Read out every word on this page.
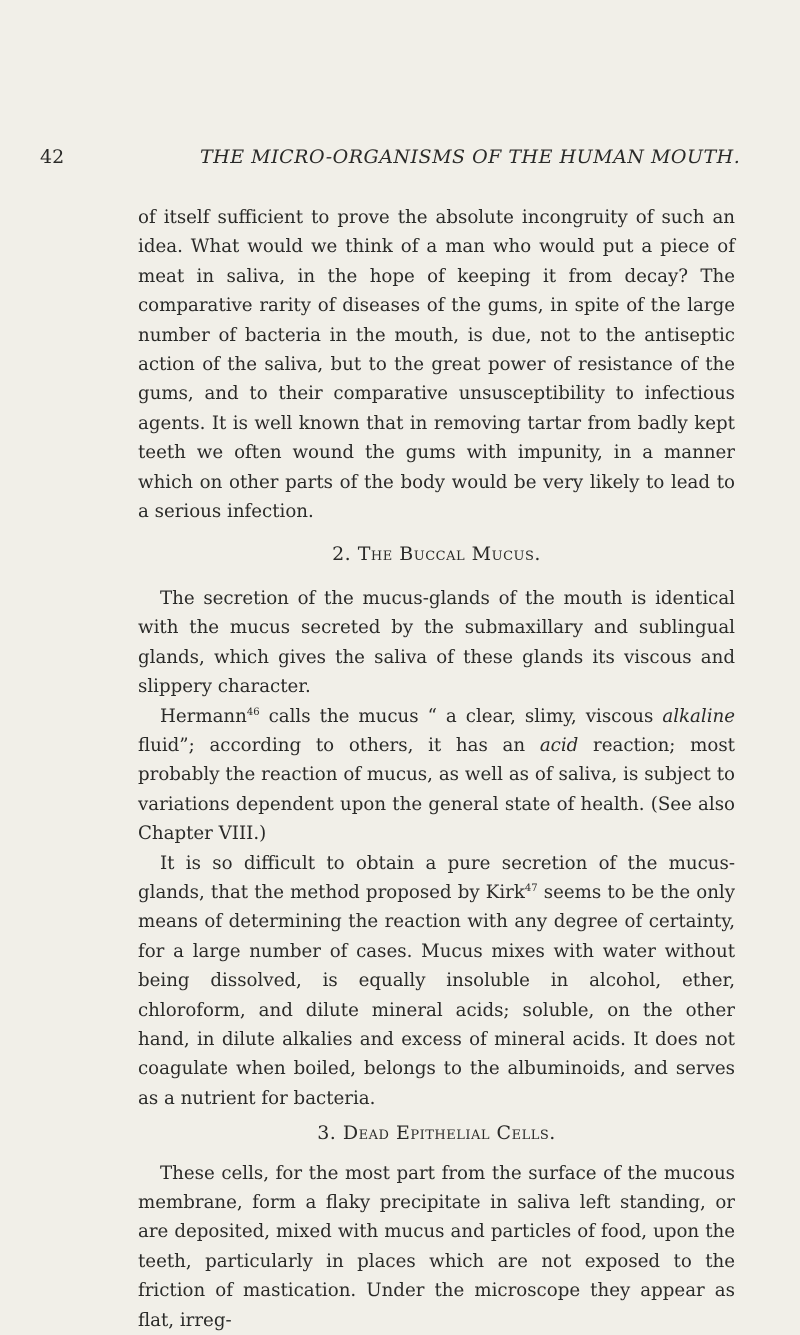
42	THE MICRO-ORGANISMS OF THE HUMAN MOUTH.

of itself sufficient to prove the absolute incongruity of such an idea. What would we think of a man who would put a piece of meat in saliva, in the hope of keeping it from decay? The comparative rarity of diseases of the gums, in spite of the large number of bacteria in the mouth, is due, not to the antiseptic action of the saliva, but to the great power of resistance of the gums, and to their comparative unsusceptibility to infectious agents. It is well known that in removing tartar from badly kept teeth we often wound the gums with impunity, in a manner which on other parts of the body would be very likely to lead to a serious infection.

2. The Buccal Mucus.

The secretion of the mucus-glands of the mouth is identical with the mucus secreted by the submaxillary and sublingual glands, which gives the saliva of these glands its viscous and slippery character.

Hermann$^{46}$ calls the mucus “ a clear, slimy, viscous alkaline fluid”; according to others, it has an acid reaction; most probably the reaction of mucus, as well as of saliva, is subject to variations dependent upon the general state of health. (See also Chapter VIII.)

It is so difficult to obtain a pure secretion of the mucus-glands, that the method proposed by Kirk$^{47}$ seems to be the only means of determining the reaction with any degree of certainty, for a large number of cases. Mucus mixes with water without being dissolved, is equally insoluble in alcohol, ether, chloroform, and dilute mineral acids; soluble, on the other hand, in dilute alkalies and excess of mineral acids. It does not coagulate when boiled, belongs to the albuminoids, and serves as a nutrient for bacteria.

3. Dead Epithelial Cells.

These cells, for the most part from the surface of the mucous membrane, form a flaky precipitate in saliva left standing, or are deposited, mixed with mucus and particles of food, upon the teeth, particularly in places which are not exposed to the friction of mastication. Under the microscope they appear as flat, irreg-
